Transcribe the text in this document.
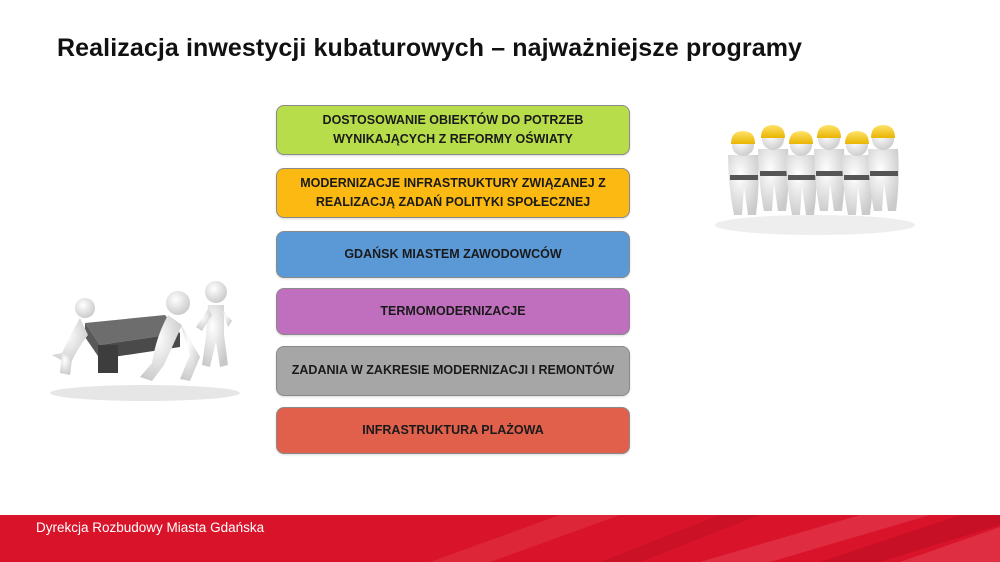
Realizacja inwestycji kubaturowych – najważniejsze programy
DOSTOSOWANIE OBIEKTÓW DO POTRZEB WYNIKAJĄCYCH Z REFORMY OŚWIATY
MODERNIZACJE INFRASTRUKTURY ZWIĄZANEJ Z REALIZACJĄ ZADAŃ POLITYKI SPOŁECZNEJ
GDAŃSK MIASTEM ZAWODOWCÓW
TERMOMODERNIZACJE
ZADANIA W ZAKRESIE MODERNIZACJI I REMONTÓW
INFRASTRUKTURA PLAŻOWA
Dyrekcja Rozbudowy Miasta Gdańska
